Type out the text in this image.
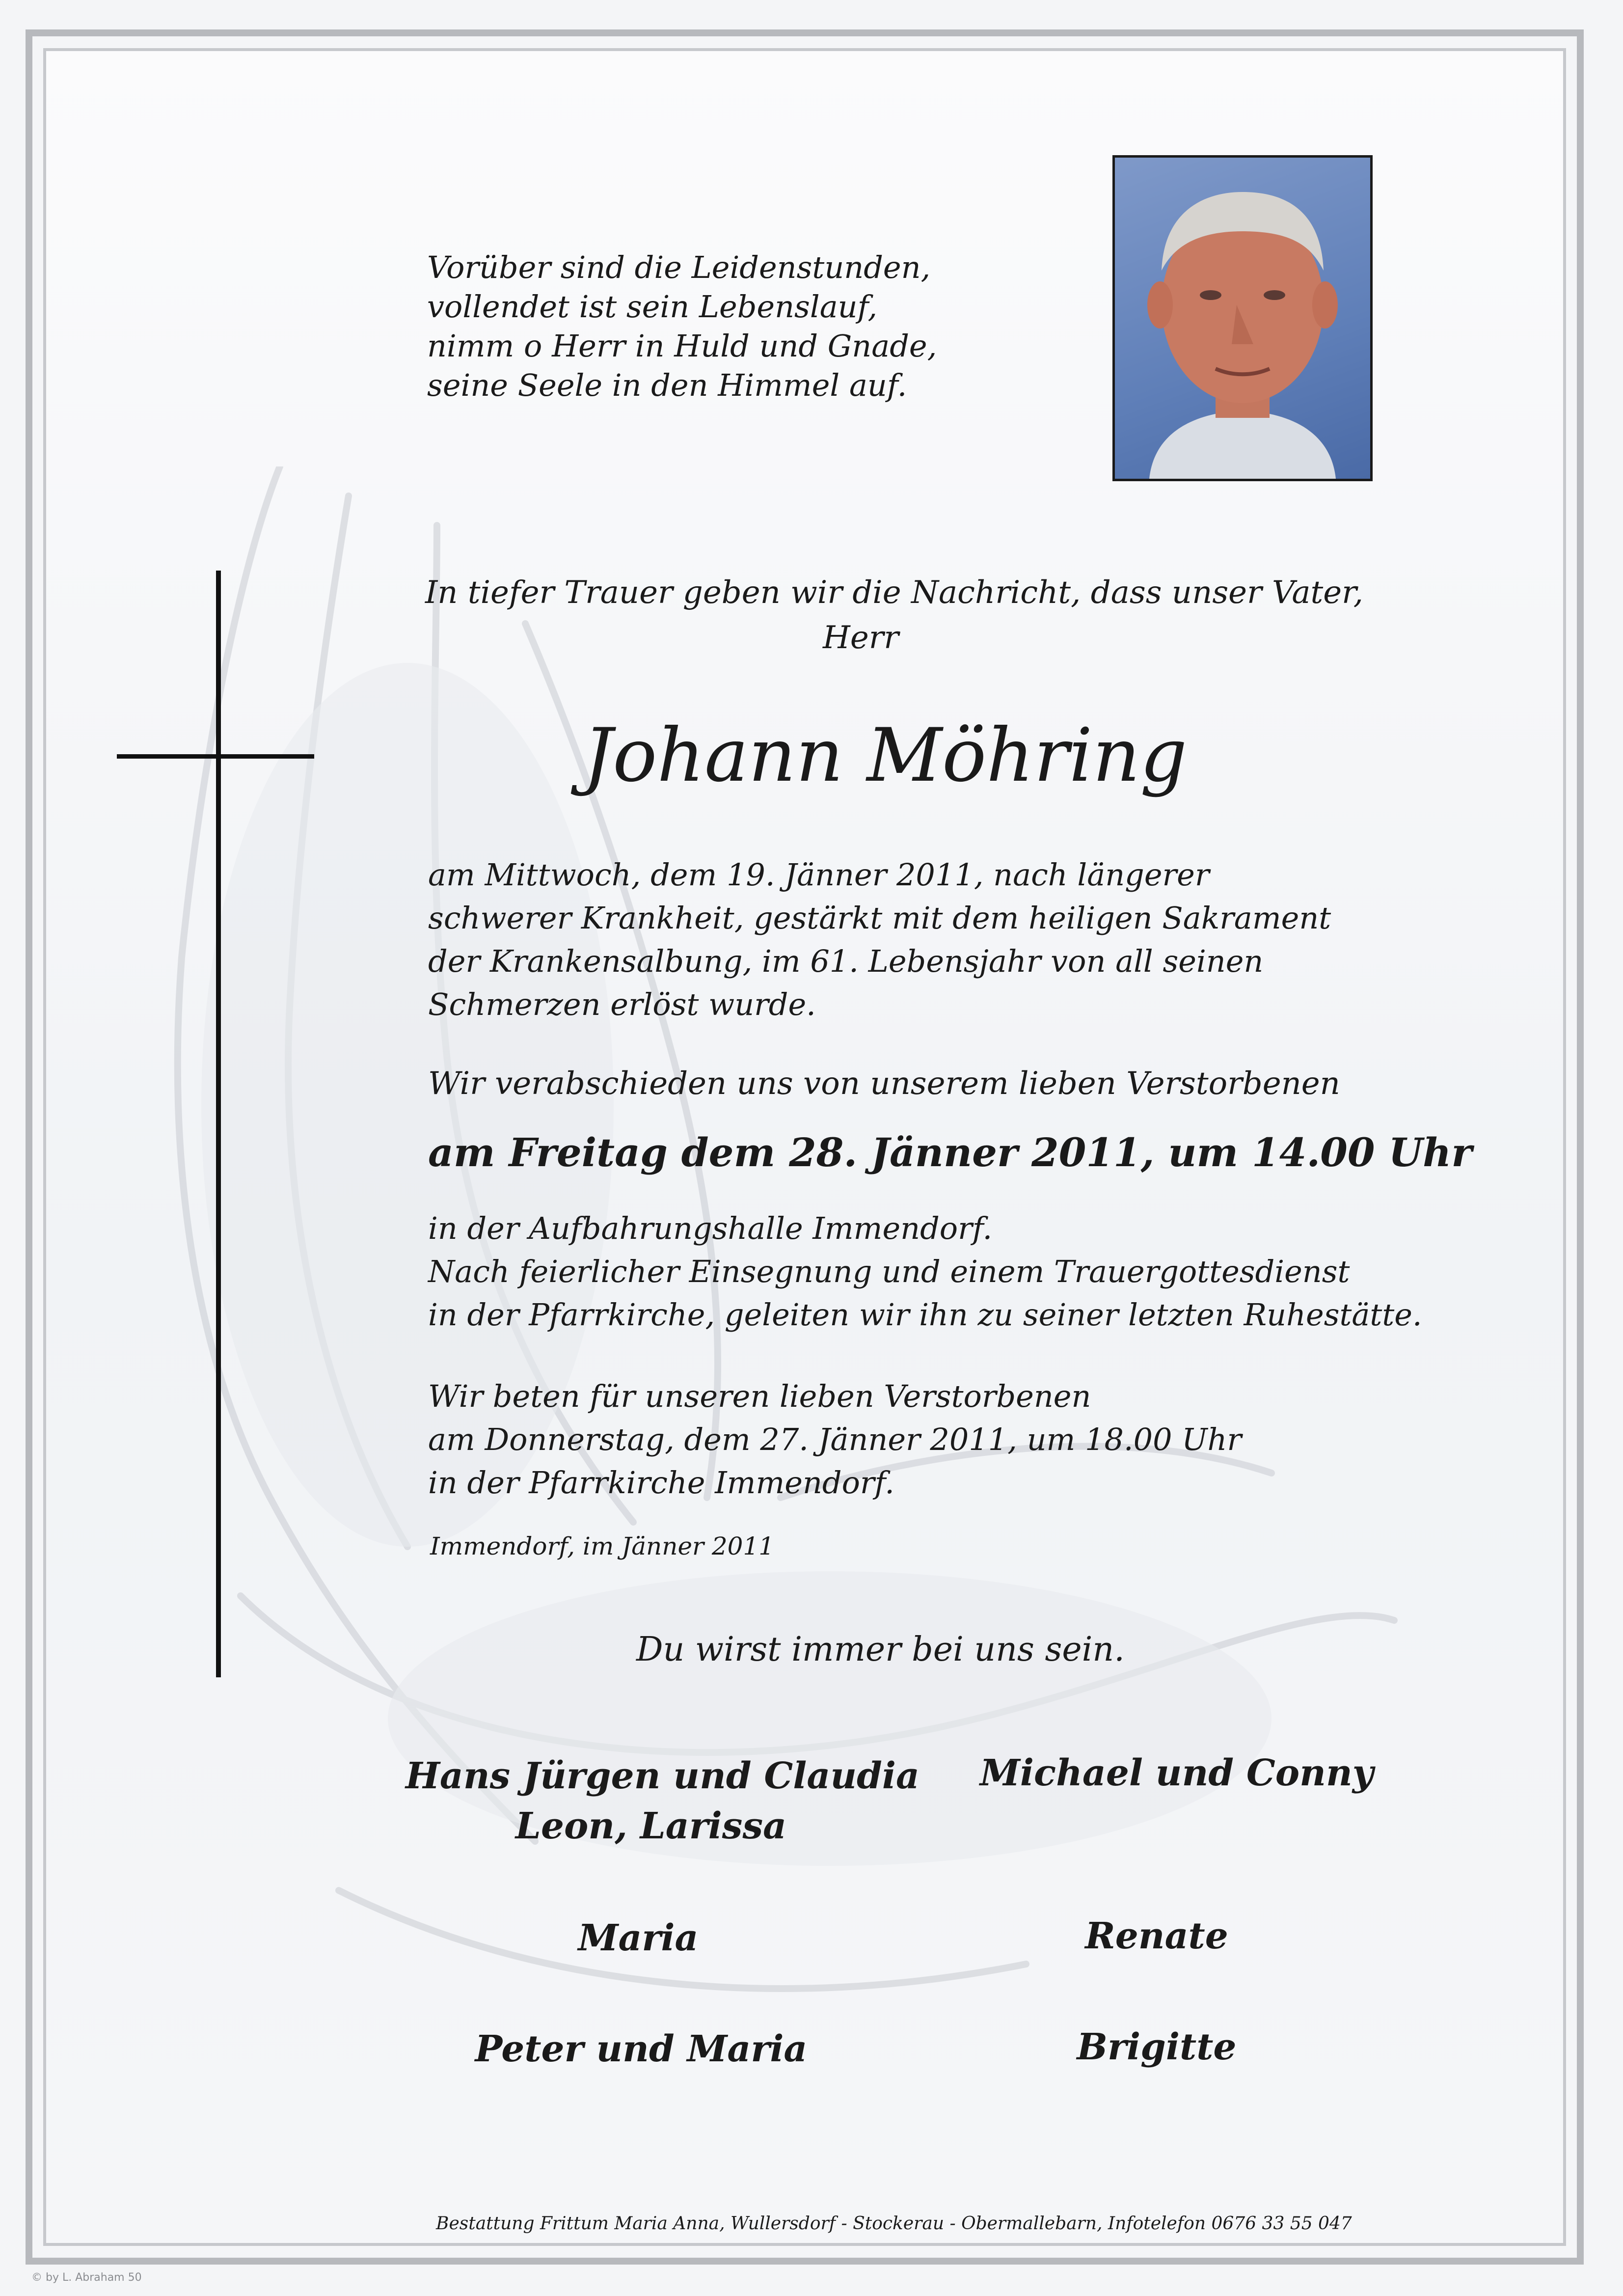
Vorüber sind die Leidenstunden,
vollendet ist sein Lebenslauf,
nimm o Herr in Huld und Gnade,
seine Seele in den Himmel auf.
In tiefer Trauer geben wir die Nachricht, dass unser Vater,
Herr
Johann Möhring
am Mittwoch, dem 19. Jänner 2011, nach längerer
schwerer Krankheit, gestärkt mit dem heiligen Sakrament
der Krankensalbung, im 61. Lebensjahr von all seinen
Schmerzen erlöst wurde.
Wir verabschieden uns von unserem lieben Verstorbenen
am Freitag dem 28. Jänner 2011, um 14.00 Uhr
in der Aufbahrungshalle Immendorf.
Nach feierlicher Einsegnung und einem Trauergottesdienst
in der Pfarrkirche, geleiten wir ihn zu seiner letzten Ruhestätte.
Wir beten für unseren lieben Verstorbenen
am Donnerstag, dem 27. Jänner 2011, um 18.00 Uhr
in der Pfarrkirche Immendorf.
Immendorf, im Jänner 2011
Du wirst immer bei uns sein.
Hans Jürgen und Claudia
Leon, Larissa
Michael und Conny
Maria	Renate
Peter und Maria	Brigitte
Bestattung Frittum Maria Anna, Wullersdorf - Stockerau - Obermallebarn, Infotelefon 0676 33 55 047
© by L. Abraham 50
